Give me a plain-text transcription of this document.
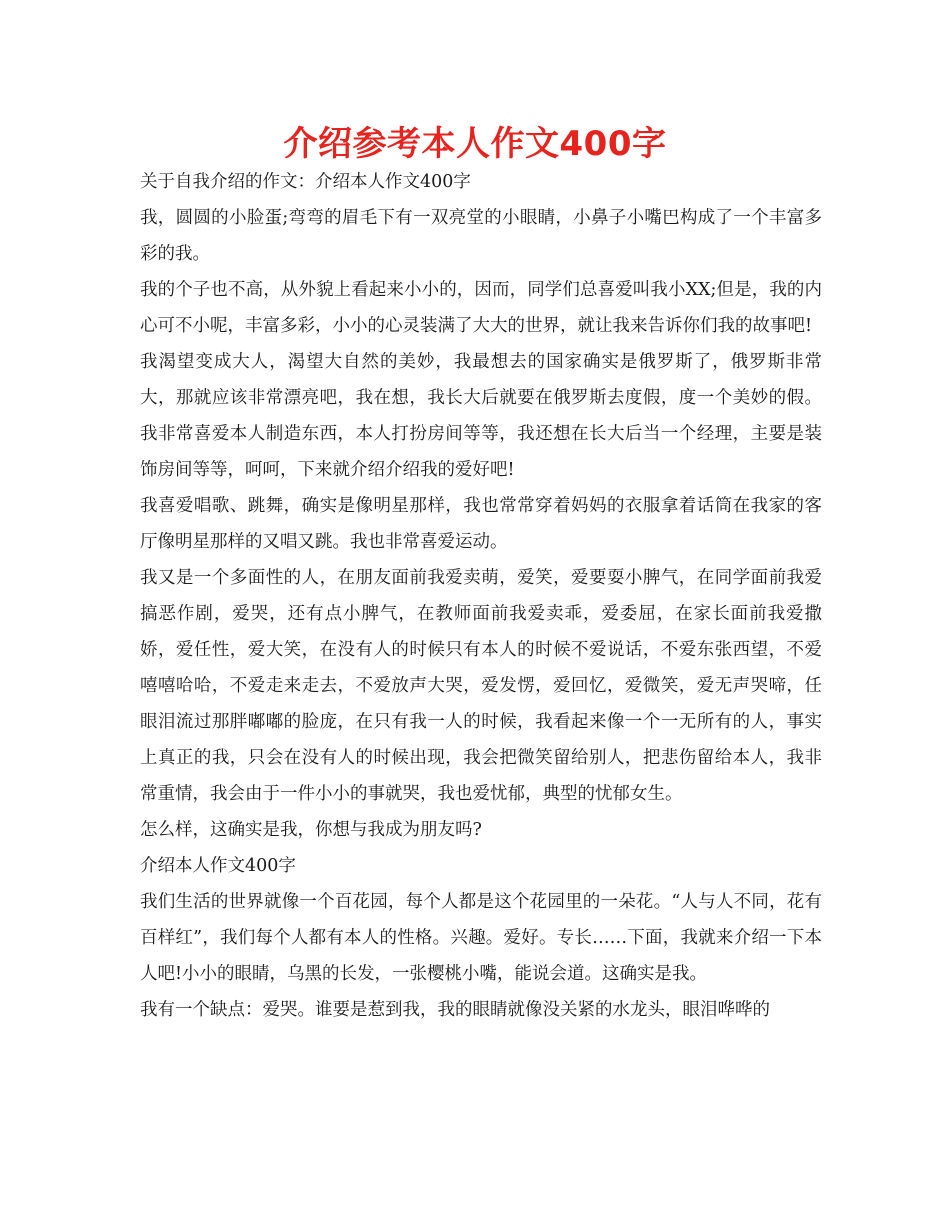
介绍参考本人作文400字

关于自我介绍的作文：介绍本人作文400字

我，圆圆的小脸蛋;弯弯的眉毛下有一双亮堂的小眼睛，小鼻子小嘴巴构成了一个丰富多彩的我。

我的个子也不高，从外貌上看起来小小的，因而，同学们总喜爱叫我小XX;但是，我的内心可不小呢，丰富多彩，小小的心灵装满了大大的世界，就让我来告诉你们我的故事吧!

我渴望变成大人，渴望大自然的美妙，我最想去的国家确实是俄罗斯了，俄罗斯非常大，那就应该非常漂亮吧，我在想，我长大后就要在俄罗斯去度假，度一个美妙的假。我非常喜爱本人制造东西，本人打扮房间等等，我还想在长大后当一个经理，主要是装饰房间等等，呵呵，下来就介绍介绍我的爱好吧!

我喜爱唱歌、跳舞，确实是像明星那样，我也常常穿着妈妈的衣服拿着话筒在我家的客厅像明星那样的又唱又跳。我也非常喜爱运动。

我又是一个多面性的人，在朋友面前我爱卖萌，爱笑，爱要耍小脾气，在同学面前我爱搞恶作剧，爱哭，还有点小脾气，在教师面前我爱卖乖，爱委屈，在家长面前我爱撒娇，爱任性，爱大笑，在没有人的时候只有本人的时候不爱说话，不爱东张西望，不爱嘻嘻哈哈，不爱走来走去，不爱放声大哭，爱发愣，爱回忆，爱微笑，爱无声哭啼，任眼泪流过那胖嘟嘟的脸庞，在只有我一人的时候，我看起来像一个一无所有的人，事实上真正的我，只会在没有人的时候出现，我会把微笑留给别人，把悲伤留给本人，我非常重情，我会由于一件小小的事就哭，我也爱忧郁，典型的忧郁女生。

怎么样，这确实是我，你想与我成为朋友吗?

介绍本人作文400字

我们生活的世界就像一个百花园，每个人都是这个花园里的一朵花。“人与人不同，花有百样红”，我们每个人都有本人的性格。兴趣。爱好。专长……下面，我就来介绍一下本人吧!小小的眼睛，乌黑的长发，一张樱桃小嘴，能说会道。这确实是我。

我有一个缺点：爱哭。谁要是惹到我，我的眼睛就像没关紧的水龙头，眼泪哗哗的
